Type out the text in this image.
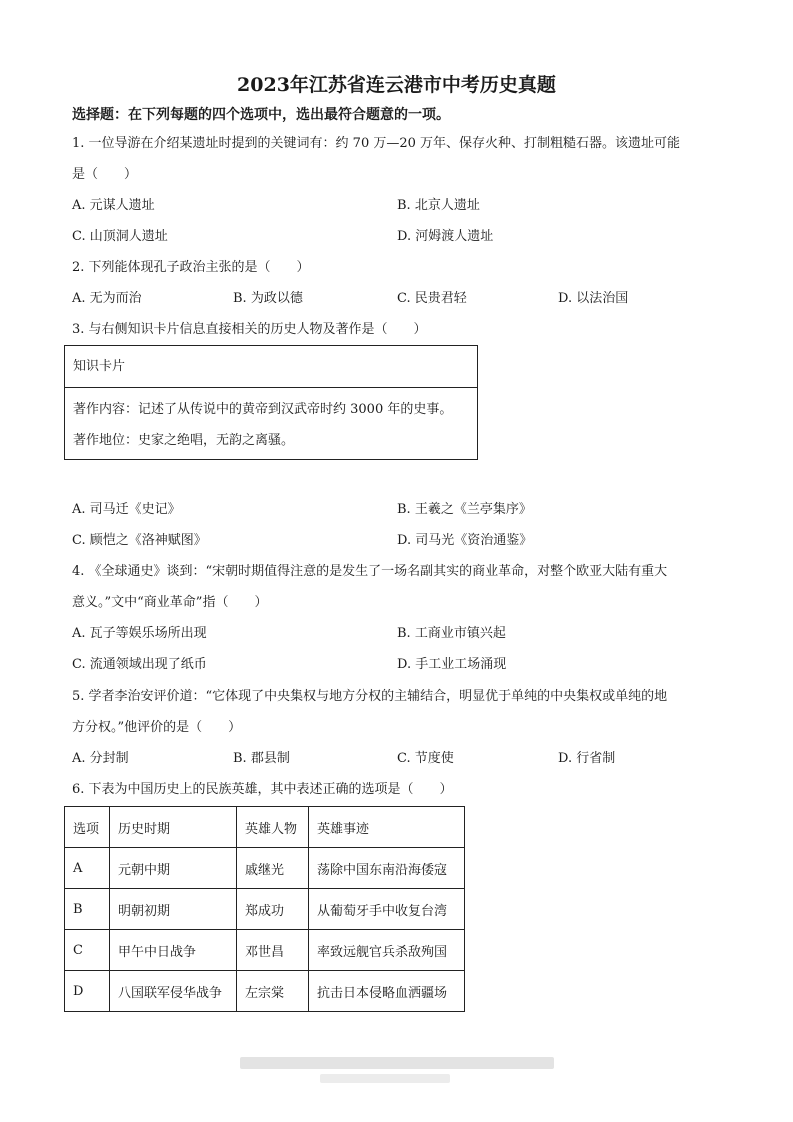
2023年江苏省连云港市中考历史真题
选择题：在下列每题的四个选项中，选出最符合题意的一项。
1. 一位导游在介绍某遗址时提到的关键词有：约 70 万—20 万年、保存火种、打制粗糙石器。该遗址可能
是（　　）
A. 元谋人遗址	B. 北京人遗址
C. 山顶洞人遗址	D. 河姆渡人遗址
2. 下列能体现孔子政治主张的是（　　）
A. 无为而治	B. 为政以德	C. 民贵君轻	D. 以法治国
3. 与右侧知识卡片信息直接相关的历史人物及著作是（　　）
知识卡片
著作内容：记述了从传说中的黄帝到汉武帝时约 3000 年的史事。
著作地位：史家之绝唱，无韵之离骚。
A. 司马迁《史记》	B. 王羲之《兰亭集序》
C. 顾恺之《洛神赋图》	D. 司马光《资治通鉴》
4. 《全球通史》谈到：“宋朝时期值得注意的是发生了一场名副其实的商业革命，对整个欧亚大陆有重大
意义。”文中“商业革命”指（　　）
A. 瓦子等娱乐场所出现	B. 工商业市镇兴起
C. 流通领域出现了纸币	D. 手工业工场涌现
5. 学者李治安评价道：“它体现了中央集权与地方分权的主辅结合，明显优于单纯的中央集权或单纯的地
方分权。”他评价的是（　　）
A. 分封制	B. 郡县制	C. 节度使	D. 行省制
6. 下表为中国历史上的民族英雄，其中表述正确的选项是（　　）
选项	历史时期	英雄人物	英雄事迹
A	元朝中期	戚继光	荡除中国东南沿海倭寇
B	明朝初期	郑成功	从葡萄牙手中收复台湾
C	甲午中日战争	邓世昌	率致远舰官兵杀敌殉国
D	八国联军侵华战争	左宗棠	抗击日本侵略血洒疆场
